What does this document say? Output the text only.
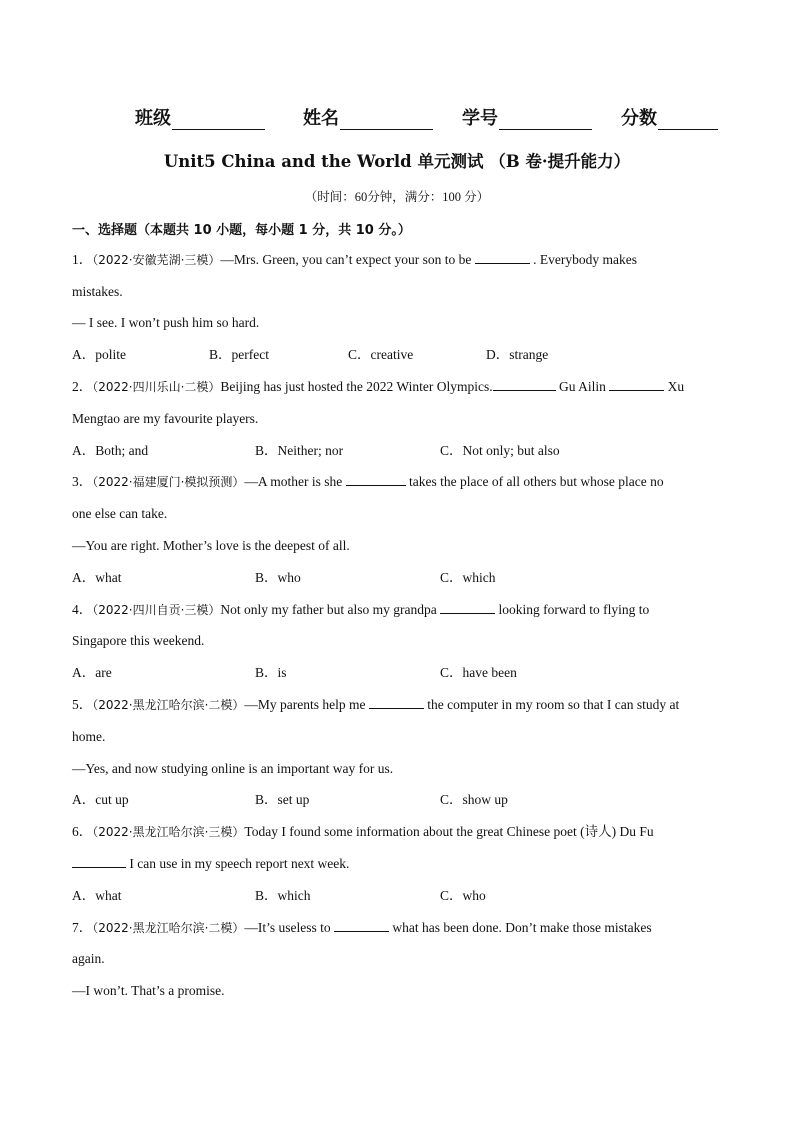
班级	姓名	学号	分数
Unit5 China and the World 单元测试 （B 卷·提升能力）
（时间：60分钟，满分：100 分）
一、选择题（本题共 10 小题，每小题 1 分，共 10 分。）
1．（2022·安徽芜湖·三模）—Mrs. Green, you can’t expect your son to be	. Everybody makes
mistakes.
— I see. I won’t push him so hard.
A．polite	B．perfect	C．creative	D．strange
2．（2022·四川乐山·二模）Beijing has just hosted the 2022 Winter Olympics.	Gu Ailin	Xu
Mengtao are my favourite players.
A．Both; and	B．Neither; nor	C．Not only; but also
3．（2022·福建厦门·模拟预测）—A mother is she	takes the place of all others but whose place no
one else can take.
—You are right. Mother’s love is the deepest of all.
A．what	B．who	C．which
4．（2022·四川自贡·三模）Not only my father but also my grandpa	looking forward to flying to
Singapore this weekend.
A．are	B．is	C．have been
5．（2022·黑龙江哈尔滨·二模）—My parents help me	the computer in my room so that I can study at
home.
—Yes, and now studying online is an important way for us.
A．cut up	B．set up	C．show up
6．（2022·黑龙江哈尔滨·三模）Today I found some information about the great Chinese poet (诗人) Du Fu
I can use in my speech report next week.
A．what	B．which	C．who
7．（2022·黑龙江哈尔滨·二模）—It’s useless to	what has been done. Don’t make those mistakes
again.
—I won’t. That’s a promise.
